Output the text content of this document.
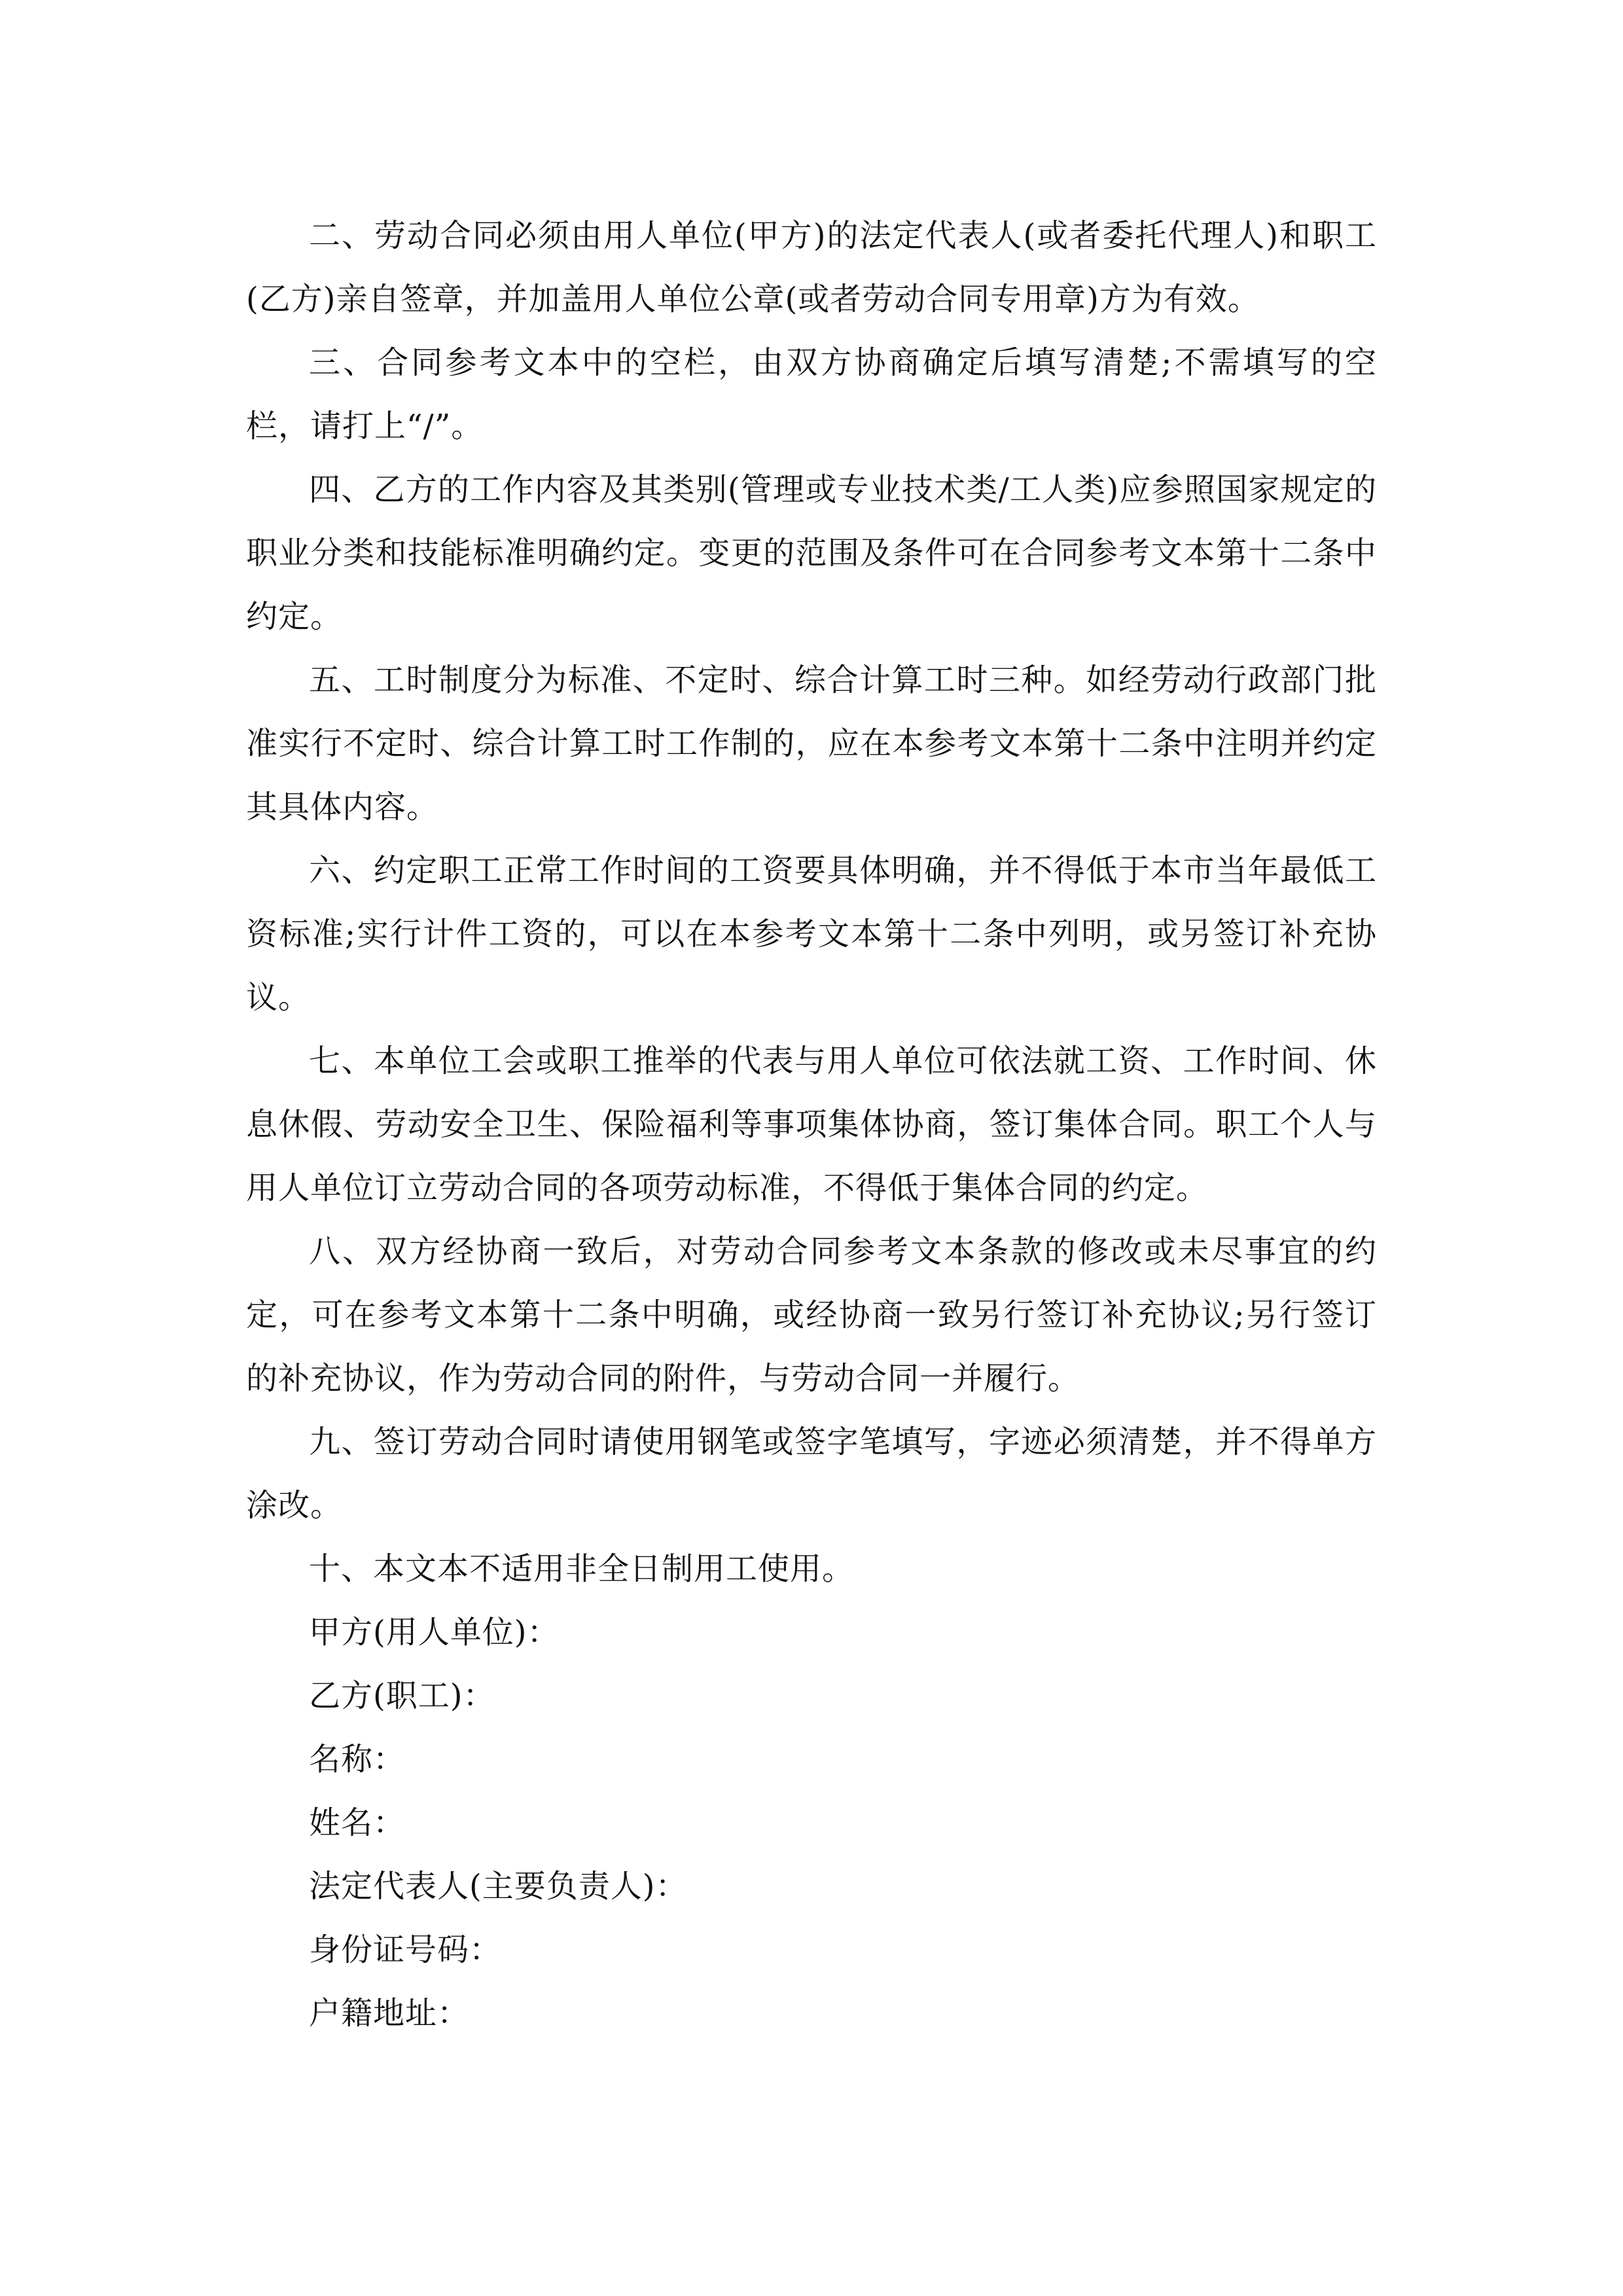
二、劳动合同必须由用人单位(甲方)的法定代表人(或者委托代理人)和职工(乙方)亲自签章，并加盖用人单位公章(或者劳动合同专用章)方为有效。

三、合同参考文本中的空栏，由双方协商确定后填写清楚;不需填写的空栏，请打上“/”。

四、乙方的工作内容及其类别(管理或专业技术类/工人类)应参照国家规定的职业分类和技能标准明确约定。变更的范围及条件可在合同参考文本第十二条中约定。

五、工时制度分为标准、不定时、综合计算工时三种。如经劳动行政部门批准实行不定时、综合计算工时工作制的，应在本参考文本第十二条中注明并约定其具体内容。

六、约定职工正常工作时间的工资要具体明确，并不得低于本市当年最低工资标准;实行计件工资的，可以在本参考文本第十二条中列明，或另签订补充协议。

七、本单位工会或职工推举的代表与用人单位可依法就工资、工作时间、休息休假、劳动安全卫生、保险福利等事项集体协商，签订集体合同。职工个人与用人单位订立劳动合同的各项劳动标准，不得低于集体合同的约定。

八、双方经协商一致后，对劳动合同参考文本条款的修改或未尽事宜的约定，可在参考文本第十二条中明确，或经协商一致另行签订补充协议;另行签订的补充协议，作为劳动合同的附件，与劳动合同一并履行。

九、签订劳动合同时请使用钢笔或签字笔填写，字迹必须清楚，并不得单方涂改。

十、本文本不适用非全日制用工使用。

甲方(用人单位)：

乙方(职工)：

名称：

姓名：

法定代表人(主要负责人)：

身份证号码：

户籍地址：
